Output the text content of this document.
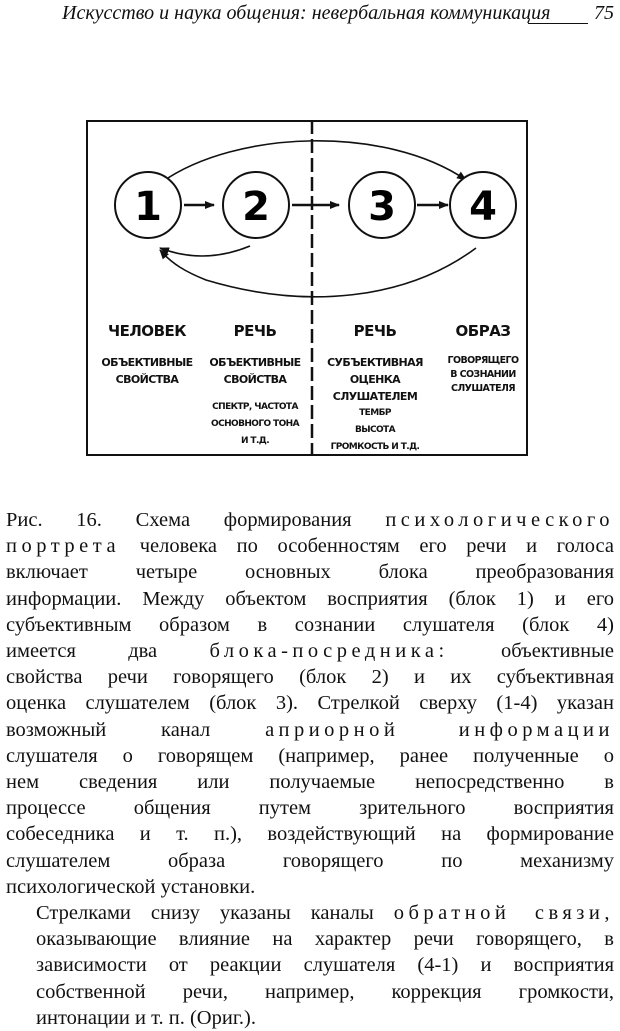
Искусство и наука общения: невербальная коммуникация 75
1 2 3 4
ЧЕЛОВЕК
ОБЪЕКТИВНЫЕ
СВОЙСТВА
РЕЧЬ
ОБЪЕКТИВНЫЕ
СВОЙСТВА
СПЕКТР, ЧАСТОТА
ОСНОВНОГО ТОНА
И Т.Д.
РЕЧЬ
СУБЪЕКТИВНАЯ
ОЦЕНКА
СЛУШАТЕЛЕМ
ТЕМБР
ВЫСОТА
ГРОМКОСТЬ И Т.Д.
ОБРАЗ
ГОВОРЯЩЕГО
В СОЗНАНИИ
СЛУШАТЕЛЯ

Рис. 16. Схема формирования психологического
портрета человека по особенностям его речи и голоса
включает четыре основных блока преобразования
информации. Между объектом восприятия (блок 1) и его
субъективным образом в сознании слушателя (блок 4)
имеется два блока-посредника: объективные
свойства речи говорящего (блок 2) и их субъективная
оценка слушателем (блок 3). Стрелкой сверху (1-4) указан
возможный канал априорной информации
слушателя о говорящем (например, ранее полученные о
нем сведения или получаемые непосредственно в
процессе общения путем зрительного восприятия
собеседника и т. п.), воздействующий на формирование
слушателем образа говорящего по механизму
психологической установки.

Стрелками снизу указаны каналы обратной связи,
оказывающие влияние на характер речи говорящего, в
зависимости от реакции слушателя (4-1) и восприятия
собственной речи, например, коррекция громкости,
интонации и т. п. (Ориг.).
